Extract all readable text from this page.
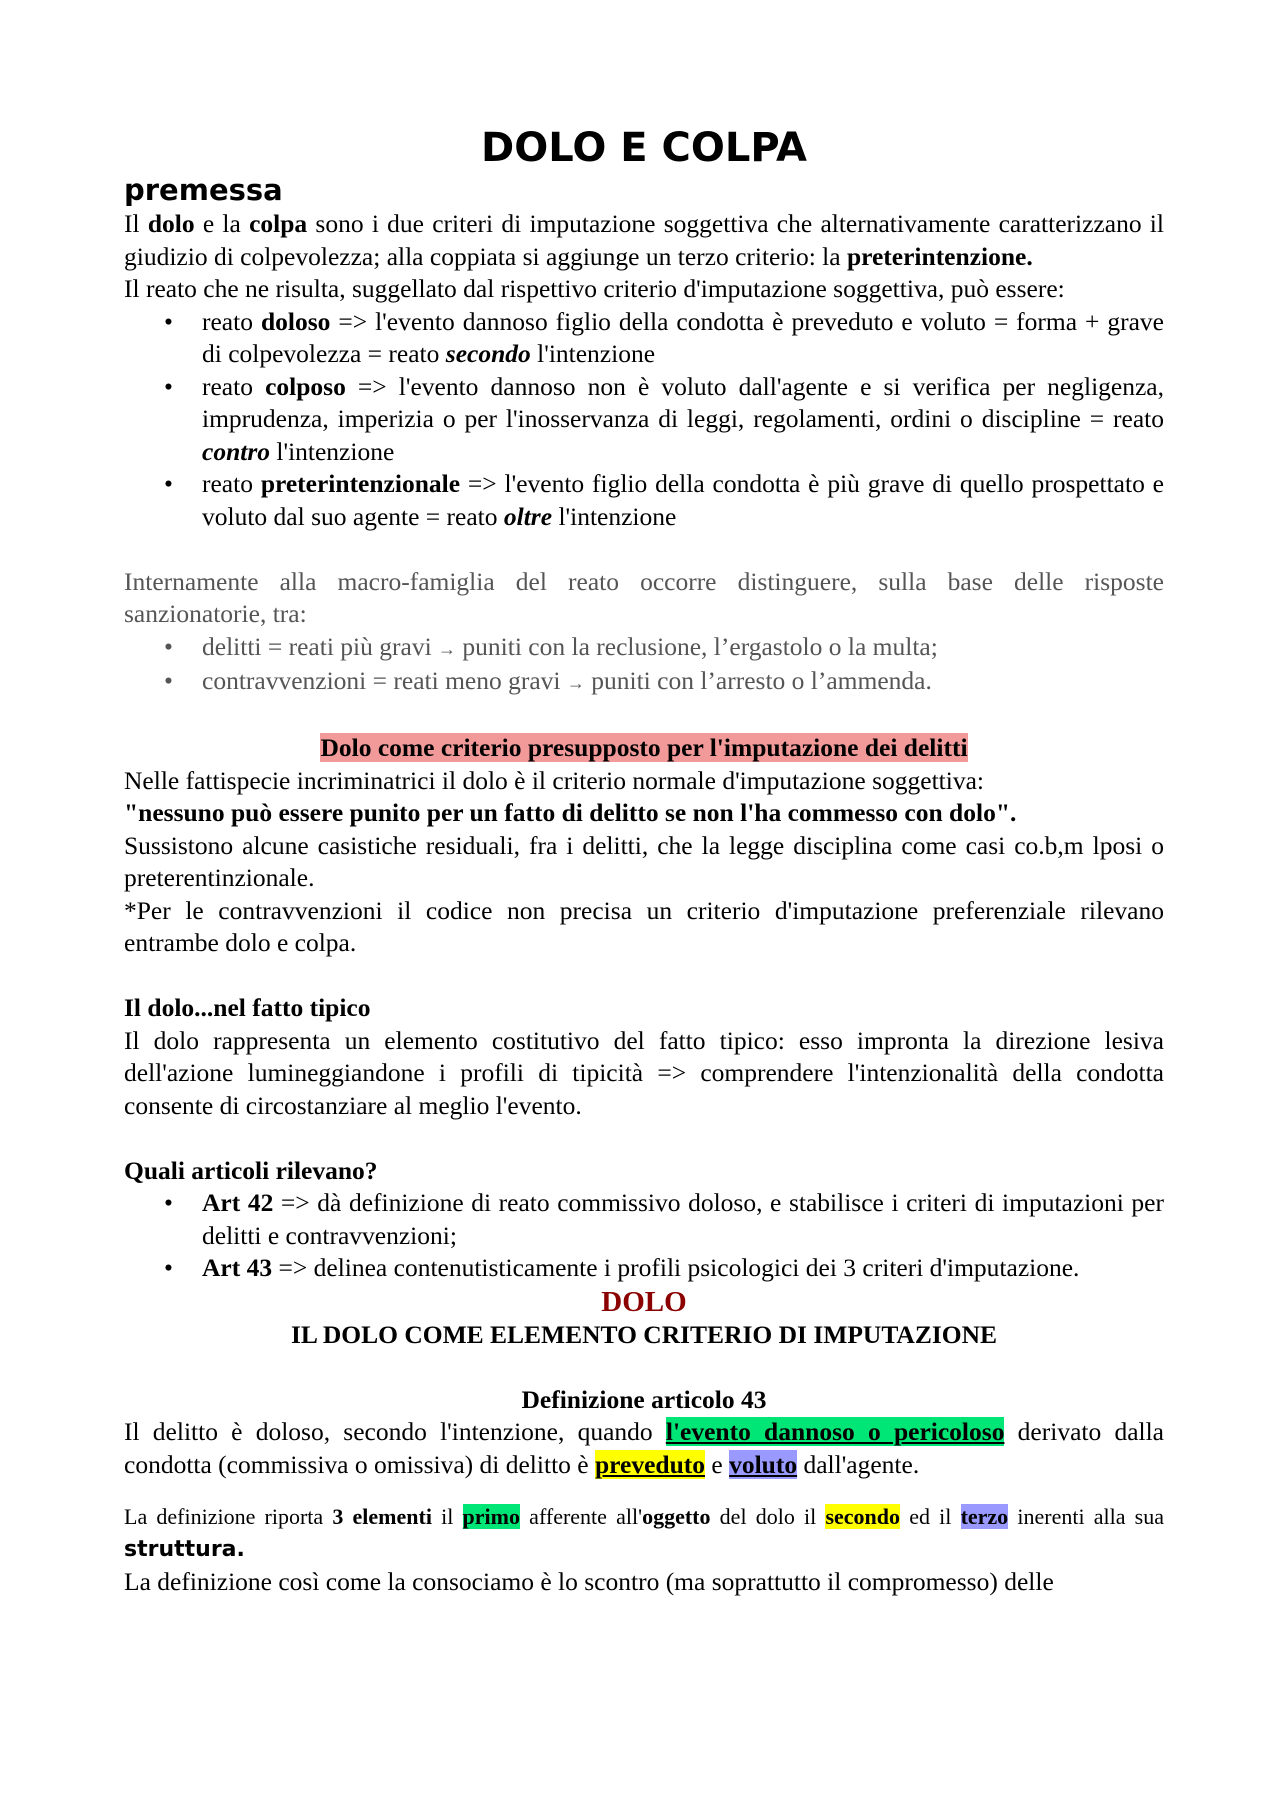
DOLO E COLPA
premessa

Il dolo e la colpa sono i due criteri di imputazione soggettiva che alternativamente caratterizzano il giudizio di colpevolezza; alla coppiata si aggiunge un terzo criterio: la preterintenzione.

Il reato che ne risulta, suggellato dal rispettivo criterio d'imputazione soggettiva, può essere:

• reato doloso => l'evento dannoso figlio della condotta è preveduto e voluto = forma + grave di colpevolezza = reato secondo l'intenzione
• reato colposo => l'evento dannoso non è voluto dall'agente e si verifica per negligenza, imprudenza, imperizia o per l'inosservanza di leggi, regolamenti, ordini o discipline = reato contro l'intenzione
• reato preterintenzionale => l'evento figlio della condotta è più grave di quello prospettato e voluto dal suo agente = reato oltre l'intenzione

Internamente alla macro-famiglia del reato occorre distinguere, sulla base delle risposte sanzionatorie, tra:

• delitti = reati più gravi → puniti con la reclusione, l’ergastolo o la multa;
• contravvenzioni = reati meno gravi → puniti con l’arresto o l’ammenda.

Dolo come criterio presupposto per l'imputazione dei delitti

Nelle fattispecie incriminatrici il dolo è il criterio normale d'imputazione soggettiva:

"nessuno può essere punito per un fatto di delitto se non l'ha commesso con dolo".

Sussistono alcune casistiche residuali, fra i delitti, che la legge disciplina come casi co.b,m lposi o preterentinzionale.

*Per le contravvenzioni il codice non precisa un criterio d'imputazione preferenziale rilevano entrambe dolo e colpa.

Il dolo...nel fatto tipico

Il dolo rappresenta un elemento costitutivo del fatto tipico: esso impronta la direzione lesiva dell'azione lumineggiandone i profili di tipicità => comprendere l'intenzionalità della condotta consente di circostanziare al meglio l'evento.

Quali articoli rilevano?

• Art 42 => dà definizione di reato commissivo doloso, e stabilisce i criteri di imputazioni per delitti e contravvenzioni;
• Art 43 => delinea contenutisticamente i profili psicologici dei 3 criteri d'imputazione.

DOLO

IL DOLO COME ELEMENTO CRITERIO DI IMPUTAZIONE

Definizione articolo 43

Il delitto è doloso, secondo l'intenzione, quando l'evento dannoso o pericoloso derivato dalla condotta (commissiva o omissiva) di delitto è preveduto e voluto dall'agente.

La definizione riporta 3 elementi il primo afferente all'oggetto del dolo il secondo ed il terzo inerenti alla sua struttura.

La definizione così come la consociamo è lo scontro (ma soprattutto il compromesso) delle
